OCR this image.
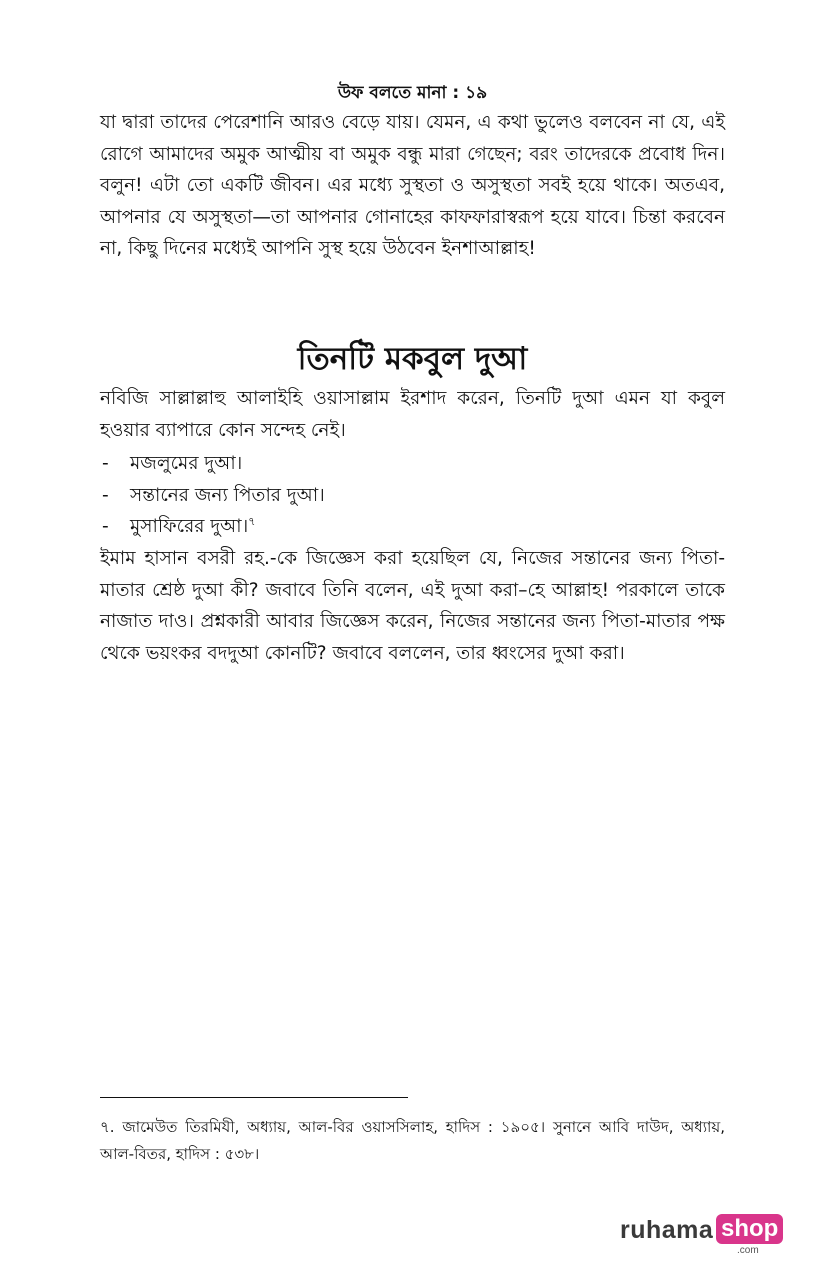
উফ বলতে মানা : ১৯

যা দ্বারা তাদের পেরেশানি আরও বেড়ে যায়। যেমন, এ কথা ভুলেও বলবেন না যে, এই রোগে আমাদের অমুক আত্মীয় বা অমুক বন্ধু মারা গেছেন; বরং তাদেরকে প্রবোধ দিন। বলুন! এটা তো একটি জীবন। এর মধ্যে সুস্থতা ও অসুস্থতা সবই হয়ে থাকে। অতএব, আপনার যে অসুস্থতা—তা আপনার গোনাহের কাফফারাস্বরূপ হয়ে যাবে। চিন্তা করবেন না, কিছু দিনের মধ্যেই আপনি সুস্থ হয়ে উঠবেন ইনশাআল্লাহ!

তিনটি মকবুল দুআ

নবিজি সাল্লাল্লাহু আলাইহি ওয়াসাল্লাম ইরশাদ করেন, তিনটি দুআ এমন যা কবুল হওয়ার ব্যাপারে কোন সন্দেহ নেই।

- মজলুমের দুআ।
- সন্তানের জন্য পিতার দুআ।
- মুসাফিরের দুআ।$^৭$

ইমাম হাসান বসরী রহ.-কে জিজ্ঞেস করা হয়েছিল যে, নিজের সন্তানের জন্য পিতা-মাতার শ্রেষ্ঠ দুআ কী? জবাবে তিনি বলেন, এই দুআ করা–হে আল্লাহ! পরকালে তাকে নাজাত দাও। প্রশ্নকারী আবার জিজ্ঞেস করেন, নিজের সন্তানের জন্য পিতা-মাতার পক্ষ থেকে ভয়ংকর বদদুআ কোনটি? জবাবে বললেন, তার ধ্বংসের দুআ করা।

৭. জামেউত তিরমিযী, অধ্যায়, আল-বির ওয়াসসিলাহ, হাদিস : ১৯০৫। সুনানে আবি দাউদ, অধ্যায়, আল-বিতর, হাদিস : ৫৩৮।
ruhama shop
.com
